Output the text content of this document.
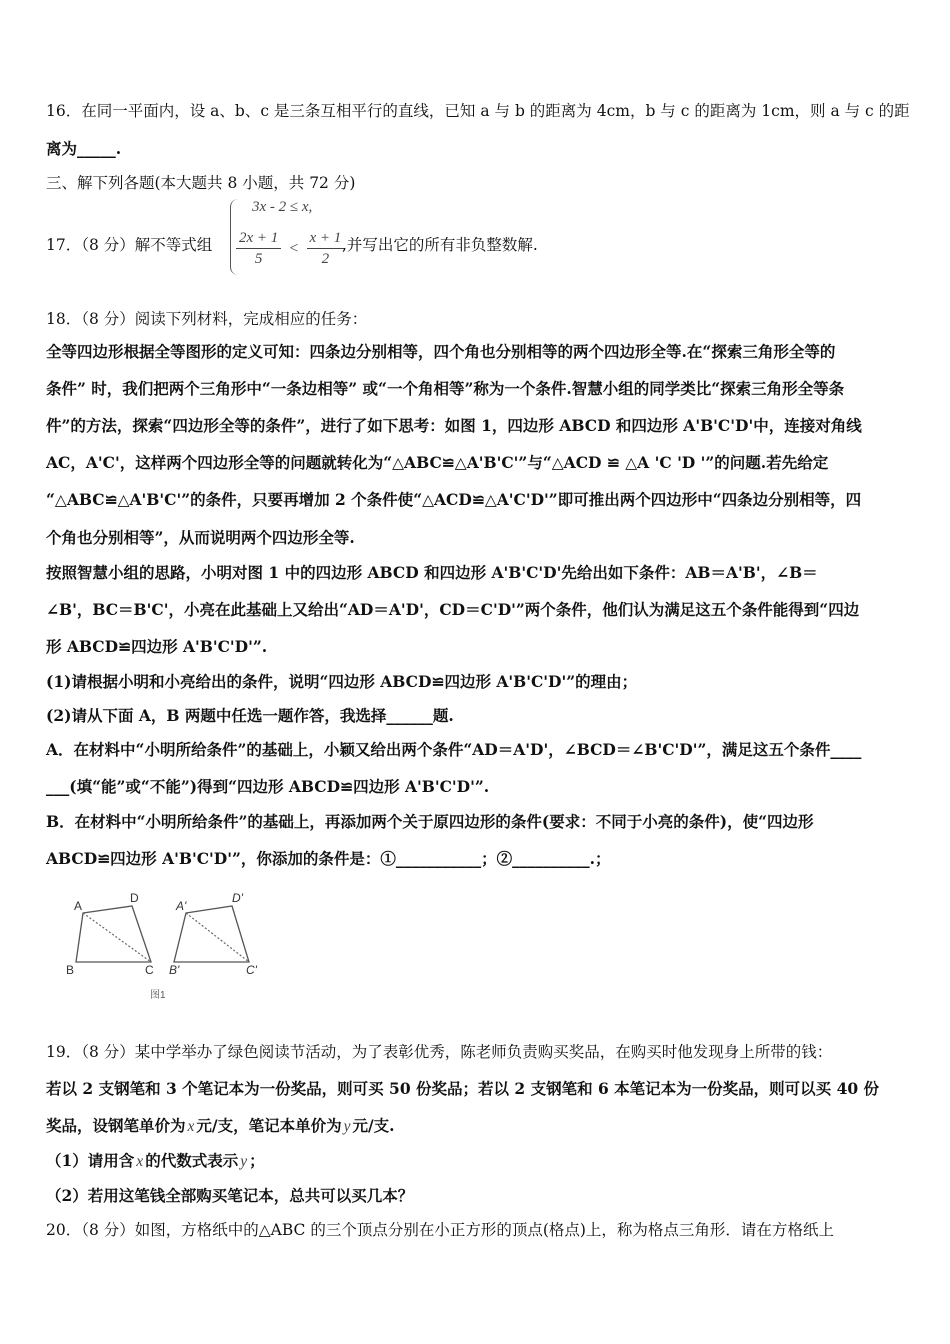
16．在同一平面内，设 a、b、c 是三条互相平行的直线，已知 a 与 b 的距离为 4cm，b 与 c 的距离为 1cm，则 a 与 c 的距
离为_____.
三、解下列各题(本大题共 8 小题，共 72 分)
17．（8 分）解不等式组
3x - 2 ≤ x,
$\frac{2x + 1}{5} < \frac{x + 1}{2}$
,并写出它的所有非负整数解.
18．（8 分）阅读下列材料，完成相应的任务：
全等四边形根据全等图形的定义可知：四条边分别相等，四个角也分别相等的两个四边形全等.在“探索三角形全等的
条件” 时，我们把两个三角形中“一条边相等” 或“一个角相等”称为一个条件.智慧小组的同学类比“探索三角形全等条
件”的方法，探索“四边形全等的条件”，进行了如下思考：如图 1，四边形 ABCD 和四边形 A'B'C'D'中，连接对角线
AC，A'C'，这样两个四边形全等的问题就转化为“△ABC≌△A'B'C'”与“△ACD ≌ △A 'C 'D '”的问题.若先给定
“△ABC≌△A'B'C'”的条件，只要再增加 2 个条件使“△ACD≌△A'C'D'”即可推出两个四边形中“四条边分别相等，四
个角也分别相等”，从而说明两个四边形全等.
按照智慧小组的思路，小明对图 1 中的四边形 ABCD 和四边形 A'B'C'D'先给出如下条件：AB＝A'B'，∠B＝
∠B'，BC＝B'C'，小亮在此基础上又给出“AD＝A'D'，CD＝C'D'”两个条件，他们认为满足这五个条件能得到“四边
形 ABCD≌四边形 A'B'C'D'”.
(1)请根据小明和小亮给出的条件，说明“四边形 ABCD≌四边形 A'B'C'D'”的理由；
(2)请从下面 A，B 两题中任选一题作答，我选择______题.
A．在材料中“小明所给条件”的基础上，小颖又给出两个条件“AD＝A'D'，∠BCD＝∠B'C'D'”，满足这五个条件____
___(填“能”或“不能”)得到“四边形 ABCD≌四边形 A'B'C'D'”.
B．在材料中“小明所给条件”的基础上，再添加两个关于原四边形的条件(要求：不同于小亮的条件)，使“四边形
ABCD≌四边形 A'B'C'D'”，你添加的条件是：①___________；②__________.；
A
D
B	C
A'
D'
B'	C'
图1
19．（8 分）某中学举办了绿色阅读节活动，为了表彰优秀，陈老师负责购买奖品，在购买时他发现身上所带的钱：
若以 2 支钢笔和 3 个笔记本为一份奖品，则可买 50 份奖品；若以 2 支钢笔和 6 本笔记本为一份奖品，则可以买 40 份
奖品，设钢笔单价为 x 元/支，笔记本单价为 y 元/支.
（1）请用含 x 的代数式表示 y ；
（2）若用这笔钱全部购买笔记本，总共可以买几本？
20．（8 分）如图，方格纸中的△ABC 的三个顶点分别在小正方形的顶点(格点)上，称为格点三角形．请在方格纸上
